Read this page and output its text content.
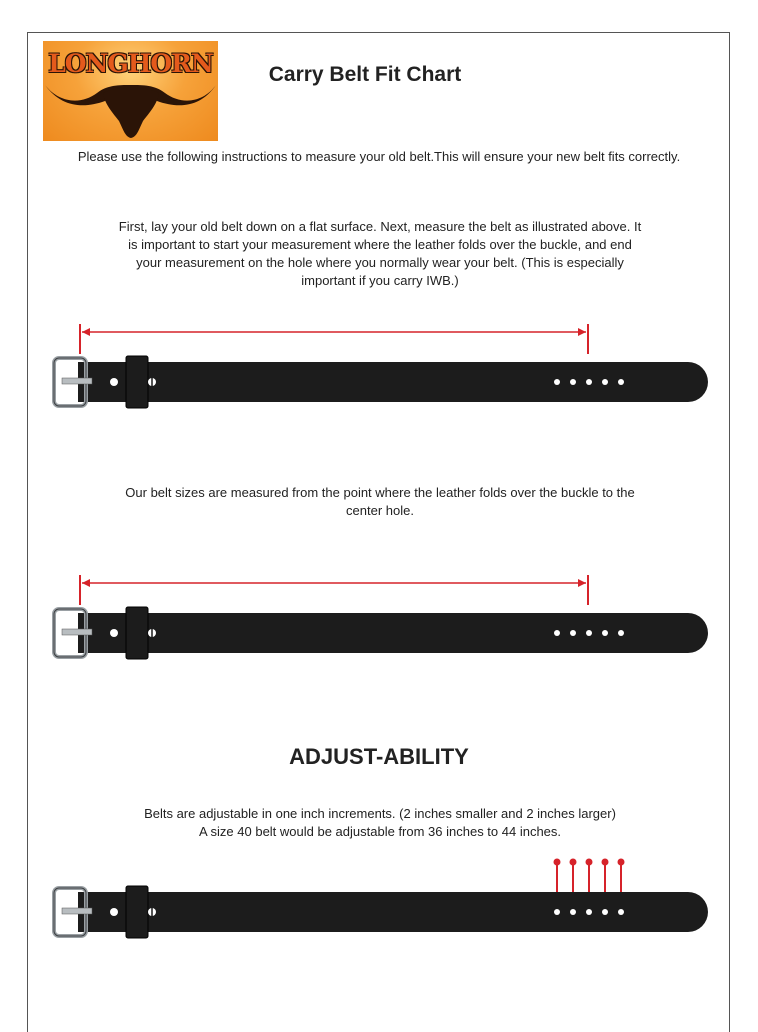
LONGHORN	Carry Belt Fit Chart
Please use the following instructions to measure your old belt.This will ensure your new belt fits correctly.
First, lay your old belt down on a flat surface. Next, measure the belt as illustrated above. It
is important to start your measurement where the leather folds over the buckle, and end
your measurement on the hole where you normally wear your belt. (This is especially
important if you carry IWB.)
Our belt sizes are measured from the point where the leather folds over the buckle to the
center hole.
ADJUST-ABILITY
Belts are adjustable in one inch increments. (2 inches smaller and 2 inches larger)
A size 40 belt would be adjustable from 36 inches to 44 inches.
